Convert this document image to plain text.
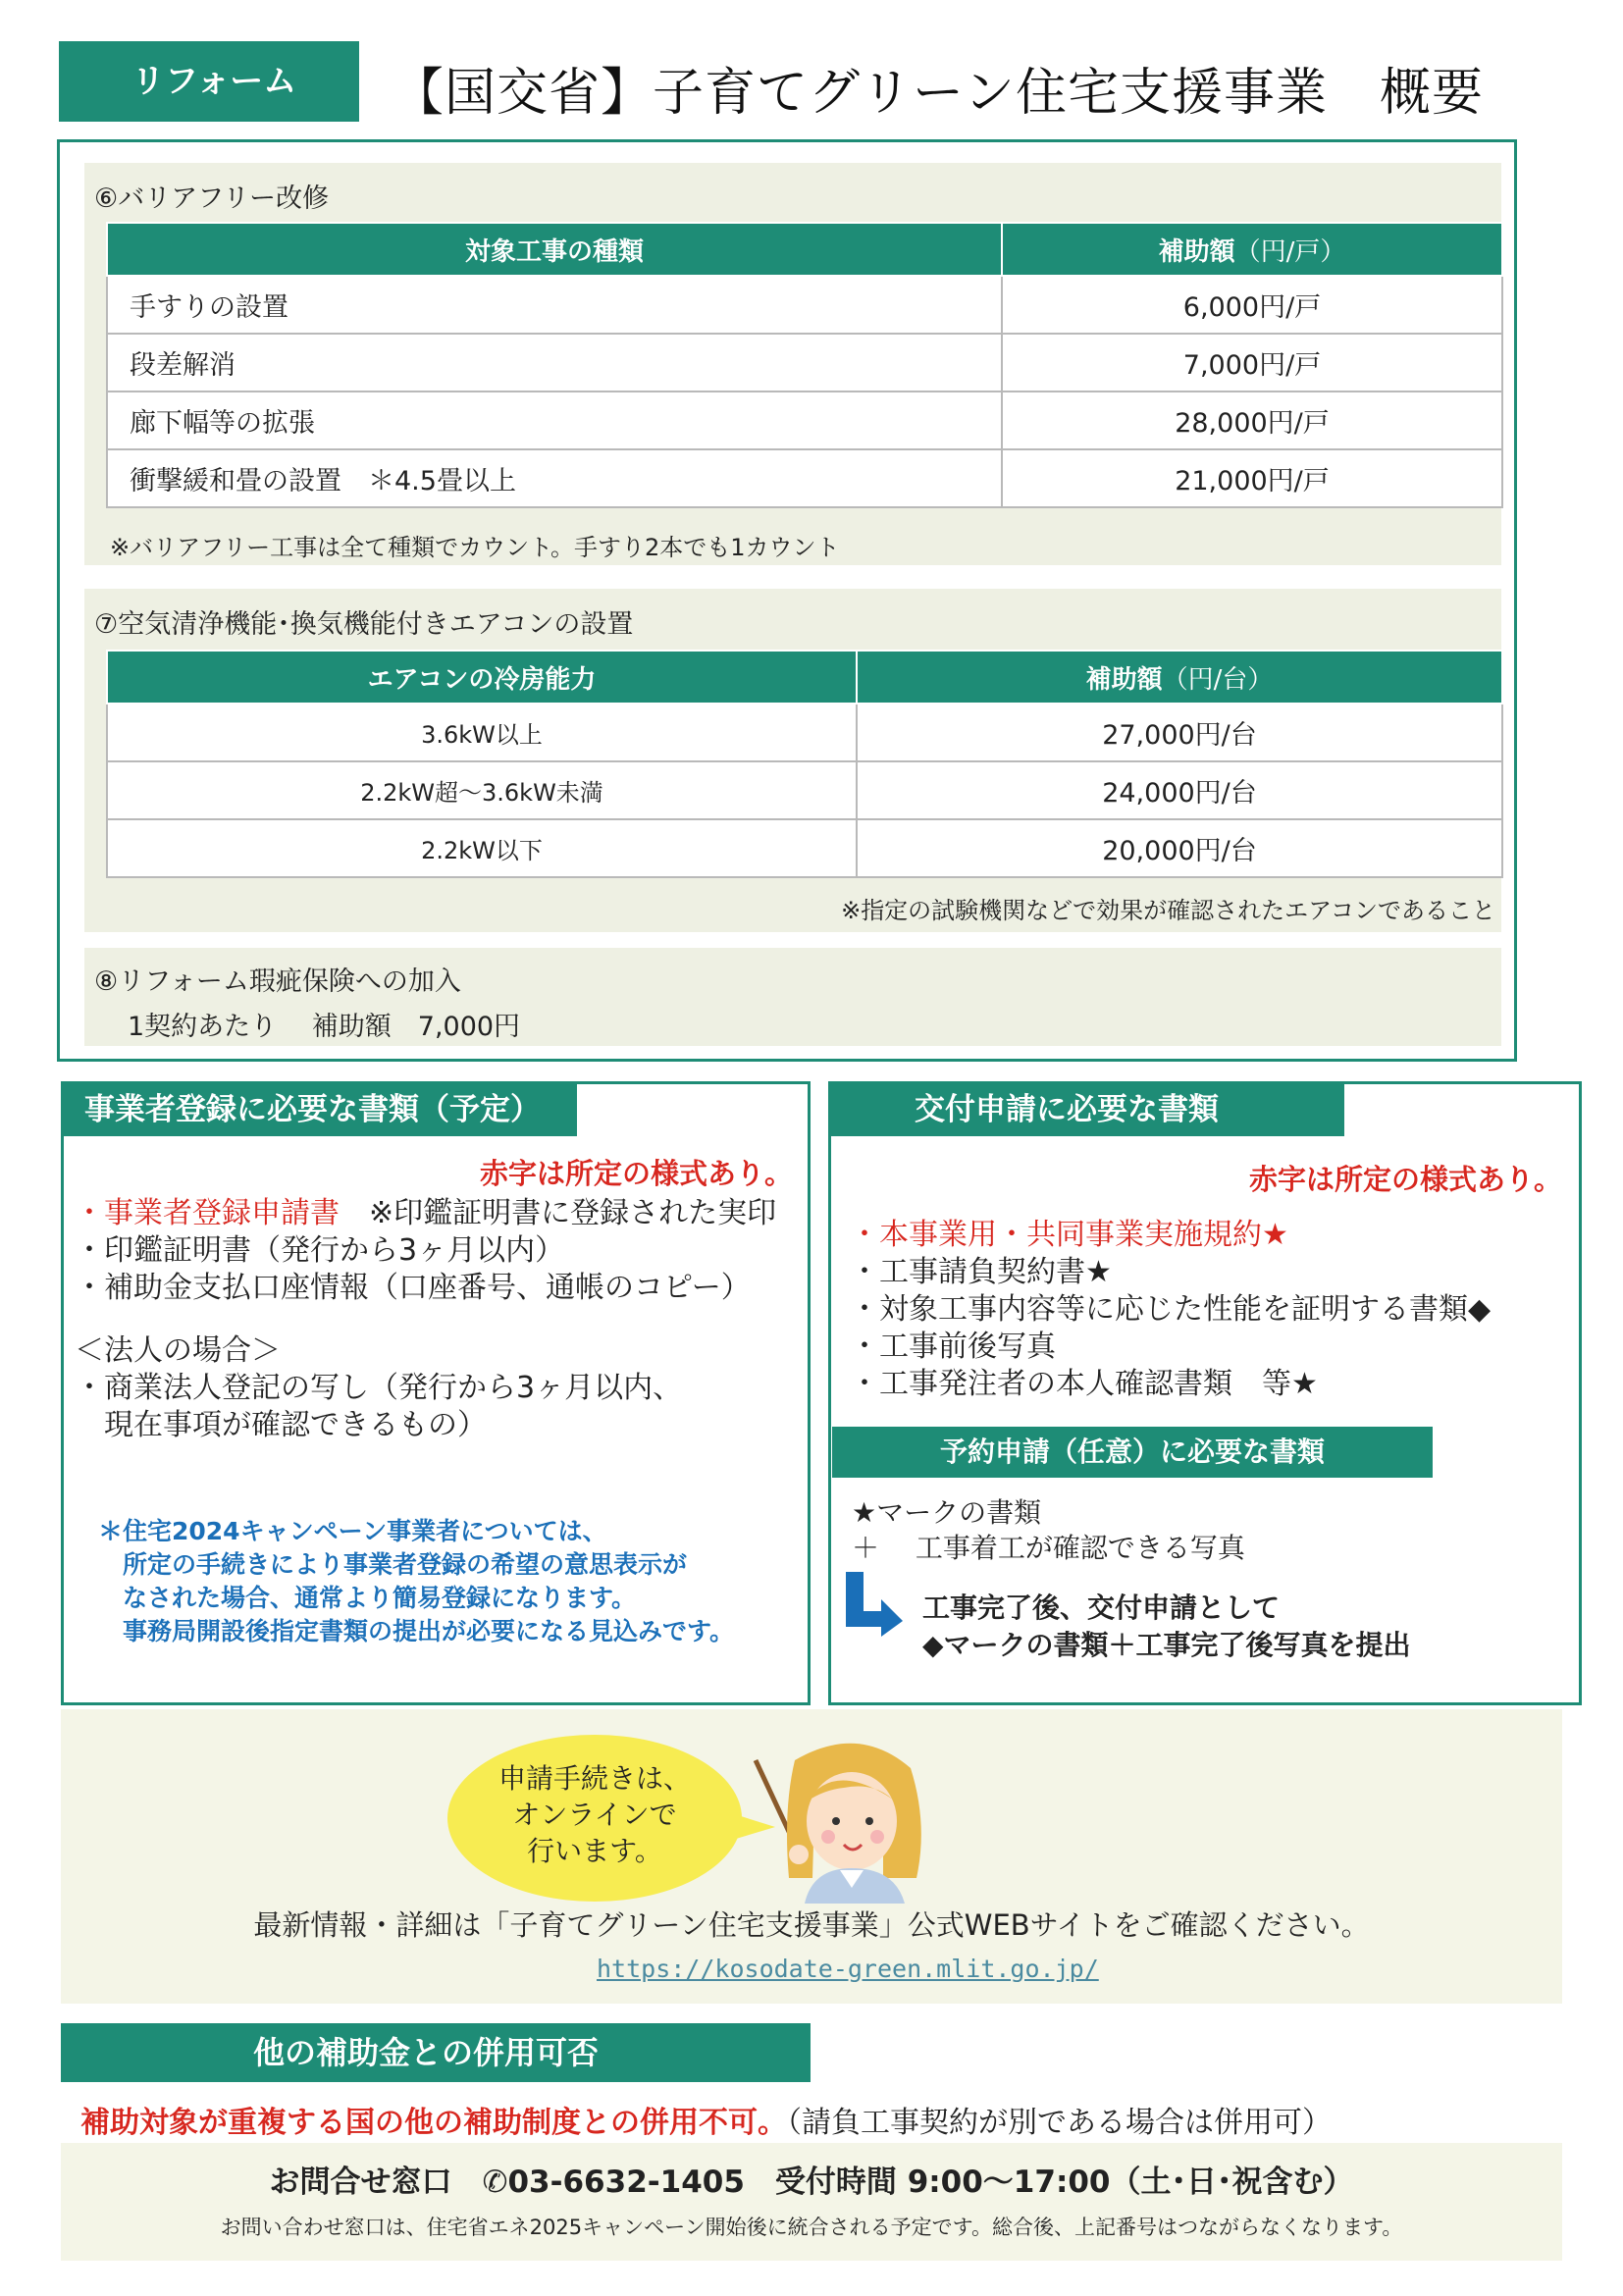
リフォーム	【国交省】子育てグリーン住宅支援事業　概要
⑥バリアフリー改修
対象工事の種類	補助額（円/戸）
手すりの設置	6,000円/戸
段差解消	7,000円/戸
廊下幅等の拡張	28,000円/戸
衝撃緩和畳の設置　＊4.5畳以上	21,000円/戸
※バリアフリー工事は全て種類でカウント。手すり2本でも1カウント
⑦空気清浄機能･換気機能付きエアコンの設置
エアコンの冷房能力	補助額（円/台）
3.6kW以上	27,000円/台
2.2kW超～3.6kW未満	24,000円/台
2.2kW以下	20,000円/台
※指定の試験機関などで効果が確認されたエアコンであること
⑧リフォーム瑕疵保険への加入
1契約あたり　 補助額　7,000円
事業者登録に必要な書類（予定）
赤字は所定の様式あり。
・事業者登録申請書　※印鑑証明書に登録された実印
・印鑑証明書（発行から3ヶ月以内）
・補助金支払口座情報（口座番号、通帳のコピー）
＜法人の場合＞
・商業法人登記の写し（発行から3ヶ月以内、
　現在事項が確認できるもの）
＊住宅2024キャンペーン事業者については、
　所定の手続きにより事業者登録の希望の意思表示が
　なされた場合、通常より簡易登録になります。
　事務局開設後指定書類の提出が必要になる見込みです。
交付申請に必要な書類
赤字は所定の様式あり。
・本事業用・共同事業実施規約★
・工事請負契約書★
・対象工事内容等に応じた性能を証明する書類◆
・工事前後写真
・工事発注者の本人確認書類　等★
予約申請（任意）に必要な書類
★マークの書類
＋　 工事着工が確認できる写真
工事完了後、交付申請として
◆マークの書類＋工事完了後写真を提出
申請手続きは、
オンラインで
行います。
最新情報・詳細は「子育てグリーン住宅支援事業」公式WEBサイトをご確認ください。
https://kosodate-green.mlit.go.jp/
他の補助金との併用可否
補助対象が重複する国の他の補助制度との併用不可。（請負工事契約が別である場合は併用可）
お問合せ窓口　✆03-6632-1405　受付時間 9:00～17:00（土･日･祝含む）
お問い合わせ窓口は、住宅省エネ2025キャンペーン開始後に統合される予定です。総合後、上記番号はつながらなくなります。
